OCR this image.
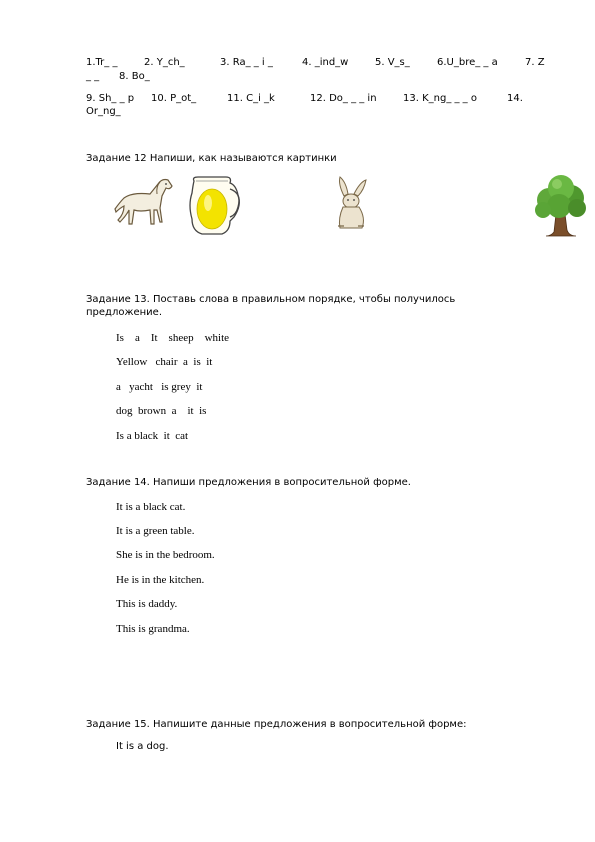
1.Tr_ _	2. Y_ch_	3. Ra_ _ i _	4. _ind_w	5. V_s_	6.U_bre_ _ a	7. Z
_ _ 8. Bo_
9. Sh_ _ p 10. P_ot_	11. C_i _k	12. Do_ _ _ in	13. K_ng_ _ _ o	14.
Or_ng_
Задание 12 Напиши, как называются картинки
Задание 13. Поставь слова в правильном порядке, чтобы получилось
предложение.
Is    a    It    sheep    white
Yellow   chair  a  is  it
a   yacht   is grey  it
dog  brown  a    it  is
Is a black  it  cat
Задание 14. Напиши предложения в вопросительной форме.
It is a black cat.
It is a green table.
She is in the bedroom.
He is in the kitchen.
This is daddy.
This is grandma.
Задание 15. Напишите данные предложения в вопросительной форме:
It is a dog.
